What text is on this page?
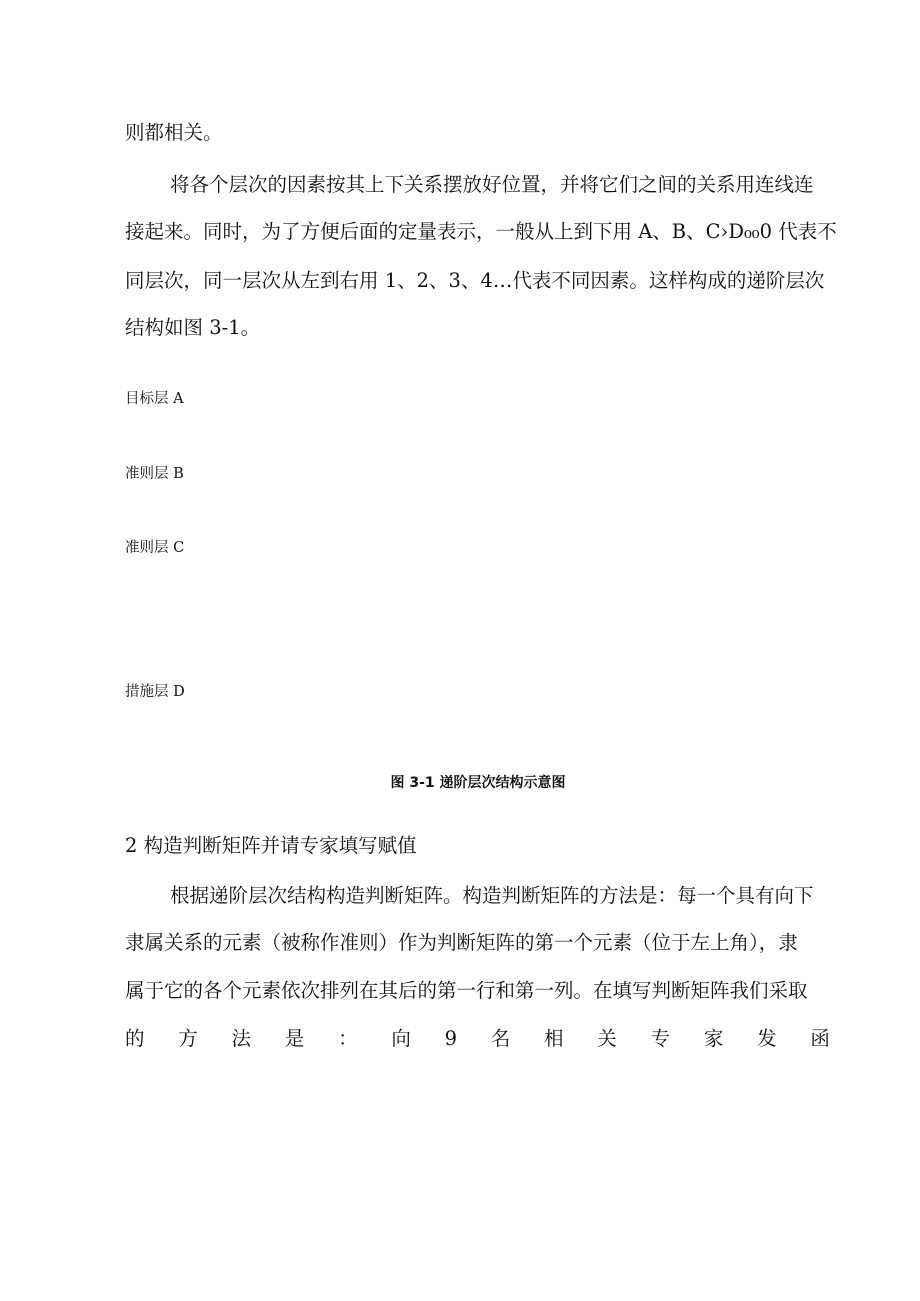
则都相关。
将各个层次的因素按其上下关系摆放好位置，并将它们之间的关系用连线连
接起来。同时，为了方便后面的定量表示，一般从上到下用 A、B、C›D₀₀0 代表不
同层次，同一层次从左到右用 1、2、3、4…代表不同因素。这样构成的递阶层次
结构如图 3-1。
目标层 A
准则层 B
准则层 C
措施层 D
图 3-1 递阶层次结构示意图
2 构造判断矩阵并请专家填写赋值
根据递阶层次结构构造判断矩阵。构造判断矩阵的方法是：每一个具有向下
隶属关系的元素（被称作准则）作为判断矩阵的第一个元素（位于左上角），隶
属于它的各个元素依次排列在其后的第一行和第一列。在填写判断矩阵我们采取
的 方 法 是 ： 向 9 名 相 关 专 家 发 函
